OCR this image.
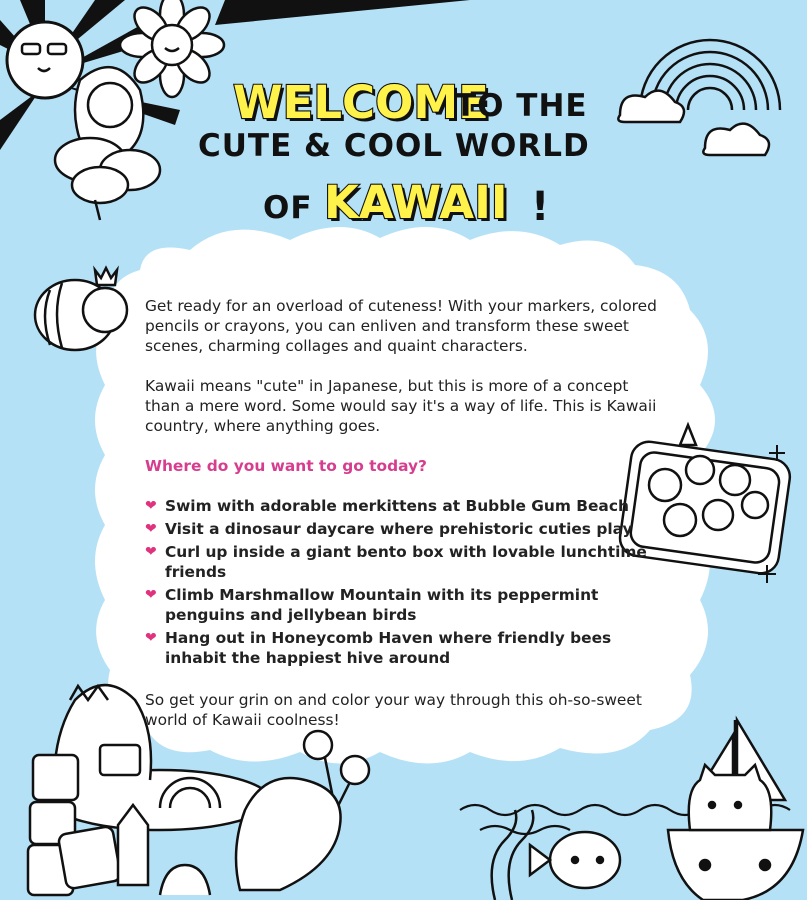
WELCOME
TO THE
CUTE & COOL WORLD
OF KAWAII !

Get ready for an overload of cuteness! With your markers, colored pencils or crayons, you can enliven and transform these sweet scenes, charming collages and quaint characters.

Kawaii means "cute" in Japanese, but this is more of a concept than a mere word. Some would say it's a way of life. This is Kawaii country, where anything goes.

Where do you want to go today?

❤ Swim with adorable merkittens at Bubble Gum Beach
❤ Visit a dinosaur daycare where prehistoric cuties play
❤ Curl up inside a giant bento box with lovable lunchtime friends
❤ Climb Marshmallow Mountain with its peppermint penguins and jellybean birds
❤ Hang out in Honeycomb Haven where friendly bees inhabit the happiest hive around

So get your grin on and color your way through this oh-so-sweet world of Kawaii coolness!
